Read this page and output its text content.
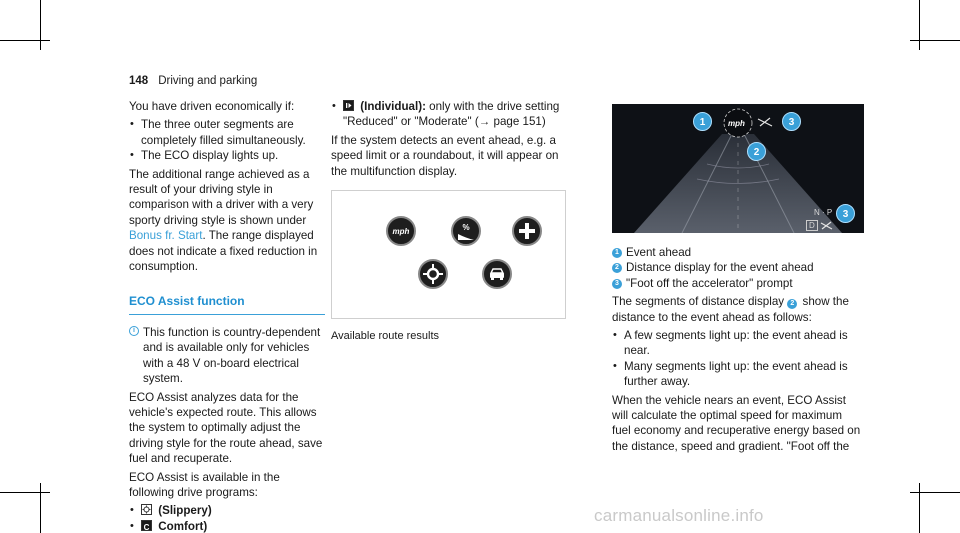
148 Driving and parking

You have driven economically if:

• The three outer segments are completely filled simultaneously.
• The ECO display lights up.

The additional range achieved as a result of your driving style in comparison with a driver with a very sporty driving style is shown under Bonus fr. Start. The range displayed does not indicate a fixed reduction in consumption.

ECO Assist function
i This function is country-dependent and is available only for vehicles with a 48 V on-board electrical system.

ECO Assist analyzes data for the vehicle's expected route. This allows the system to optimally adjust the driving style for the route ahead, save fuel and recuperate.

ECO Assist is available in the following drive programs:

• (Slippery)
• C Comfort)
• (Individual): only with the drive setting "Reduced" or "Moderate" (→ page 151)

If the system detects an event ahead, e.g. a speed limit or a roundabout, it will appear on the multifunction display.

mph	%
Available route results
mph
N · P
D
1	3
2
3
1 Event ahead
2 Distance display for the event ahead
3 "Foot off the accelerator" prompt

The segments of distance display 2 show the distance to the event ahead as follows:

• A few segments light up: the event ahead is near.
• Many segments light up: the event ahead is further away.

When the vehicle nears an event, ECO Assist will calculate the optimal speed for maximum fuel economy and recuperative energy based on the distance, speed and gradient. "Foot off the

carmanualsonline.info
